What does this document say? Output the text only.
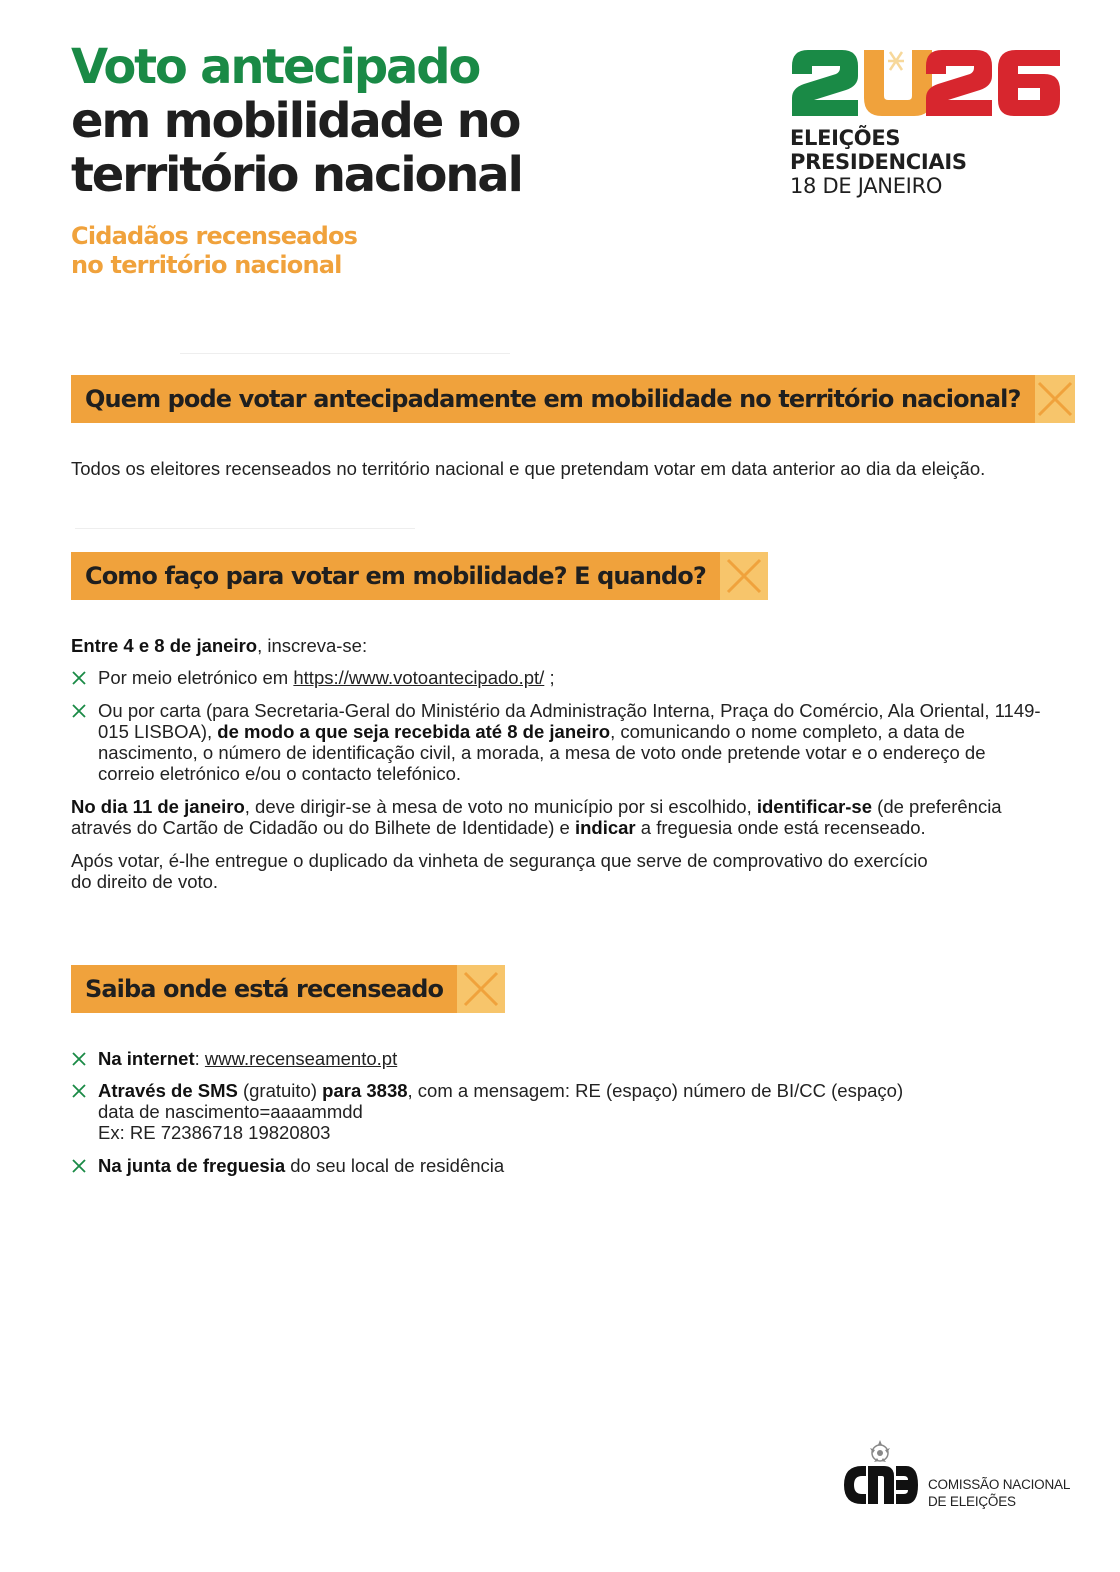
Voto antecipado
em mobilidade no
território nacional
Cidadãos recenseados
no território nacional
ELEIÇÕES
PRESIDENCIAIS
18 DE JANEIRO
Quem pode votar antecipadamente em mobilidade no território nacional?
Todos os eleitores recenseados no território nacional e que pretendam votar em data anterior ao dia da eleição.
Como faço para votar em mobilidade? E quando?
Entre 4 e 8 de janeiro, inscreva-se:
Por meio eletrónico em https://www.votoantecipado.pt/ ;
Ou por carta (para Secretaria-Geral do Ministério da Administração Interna, Praça do Comércio, Ala Oriental, 1149-015 LISBOA), de modo a que seja recebida até 8 de janeiro, comunicando o nome completo, a data de nascimento, o número de identificação civil, a morada, a mesa de voto onde pretende votar e o endereço de correio eletrónico e/ou o contacto telefónico.
No dia 11 de janeiro, deve dirigir-se à mesa de voto no município por si escolhido, identificar-se (de preferência através do Cartão de Cidadão ou do Bilhete de Identidade) e indicar a freguesia onde está recenseado.
Após votar, é-lhe entregue o duplicado da vinheta de segurança que serve de comprovativo do exercício
do direito de voto.
Saiba onde está recenseado
Na internet: www.recenseamento.pt
Através de SMS (gratuito) para 3838, com a mensagem: RE (espaço) número de BI/CC (espaço)
data de nascimento=aaaammdd
Ex: RE 72386718 19820803
Na junta de freguesia do seu local de residência
COMISSÃO NACIONAL
DE ELEIÇÕES
